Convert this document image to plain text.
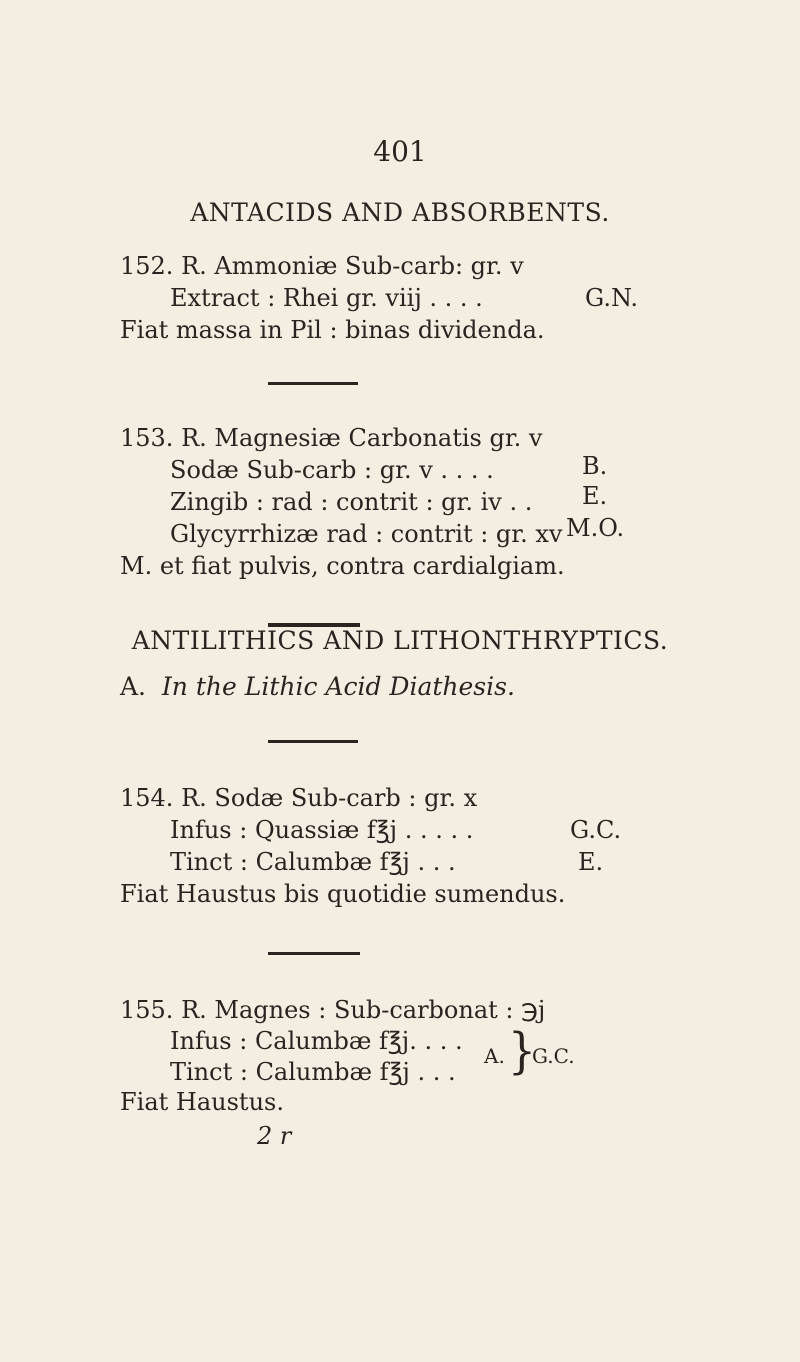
401
ANTACIDS AND ABSORBENTS.
152. R. Ammoniæ Sub-carb: gr. v
Extract : Rhei gr. viij . . . .
Fiat massa in Pil : binas dividenda.
G.N.
153. R. Magnesiæ Carbonatis gr. v
Sodæ Sub-carb : gr. v . . . .
Zingib : rad : contrit : gr. iv . .
Glycyrrhizæ rad : contrit : gr. xv
M. et fiat pulvis, contra cardialgiam.
B.
E.
M.O.
ANTILITHICS AND LITHONTHRYPTICS.
A. In the Lithic Acid Diathesis.
154. R. Sodæ Sub-carb : gr. x
Infus : Quassiæ f℥j . . . . .
Tinct : Calumbæ f℥j . . .
Fiat Haustus bis quotidie sumendus.
G.C.
E.
155. R. Magnes : Sub-carbonat : ℈j
Infus : Calumbæ f℥j. . . .
Tinct : Calumbæ f℥j . . .
Fiat Haustus.
A. }
G.C.
2 r
